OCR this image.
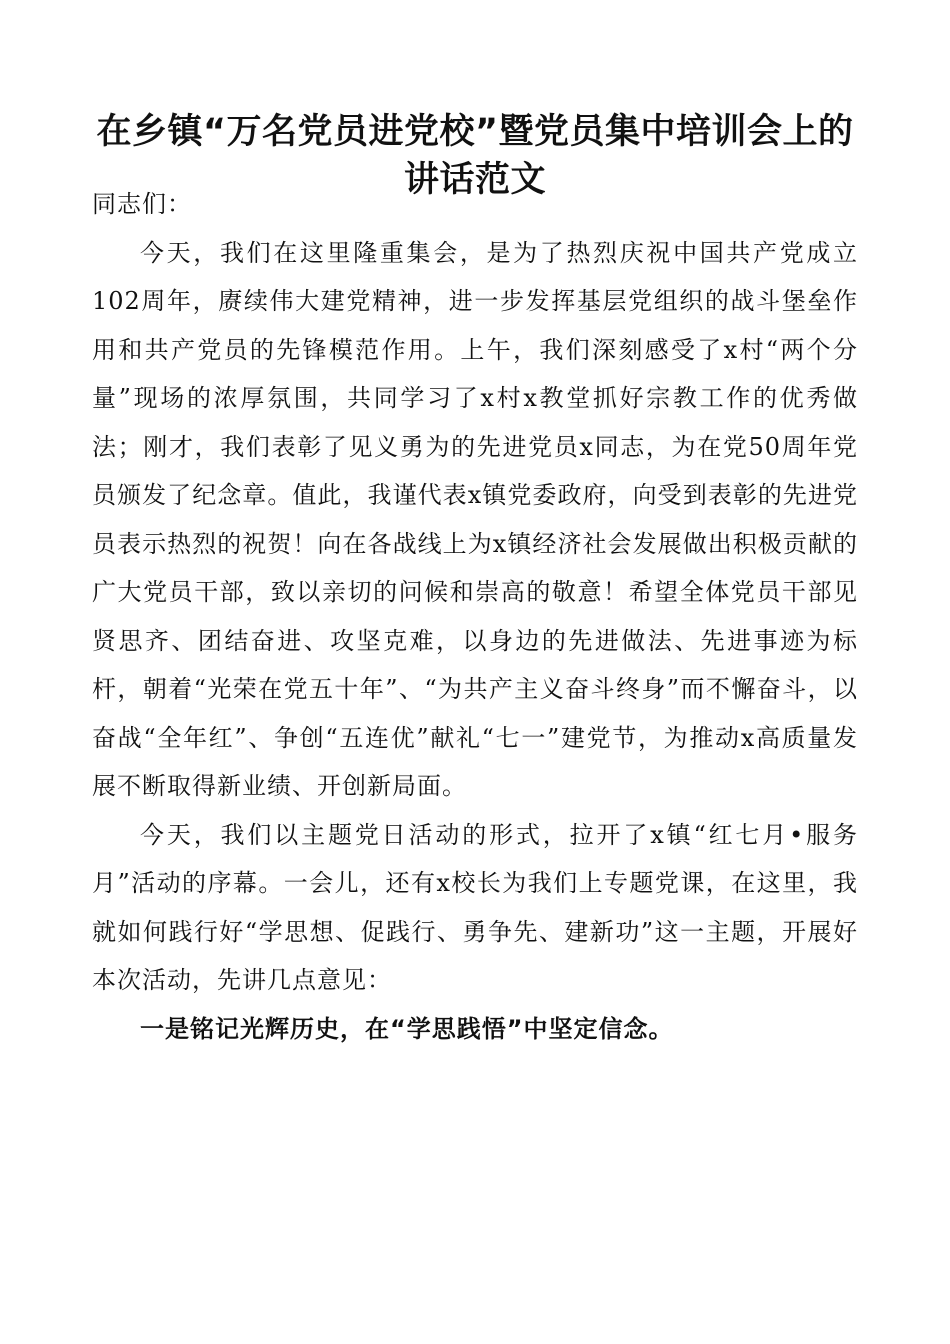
在乡镇“万名党员进党校”暨党员集中培训会上的讲话范文

同志们：

今天，我们在这里隆重集会，是为了热烈庆祝中国共产党成立102周年，赓续伟大建党精神，进一步发挥基层党组织的战斗堡垒作用和共产党员的先锋模范作用。上午，我们深刻感受了x村“两个分量”现场的浓厚氛围，共同学习了x村x教堂抓好宗教工作的优秀做法；刚才，我们表彰了见义勇为的先进党员x同志，为在党50周年党员颁发了纪念章。值此，我谨代表x镇党委政府，向受到表彰的先进党员表示热烈的祝贺！向在各战线上为x镇经济社会发展做出积极贡献的广大党员干部，致以亲切的问候和崇高的敬意！希望全体党员干部见贤思齐、团结奋进、攻坚克难，以身边的先进做法、先进事迹为标杆，朝着“光荣在党五十年”、“为共产主义奋斗终身”而不懈奋斗，以奋战“全年红”、争创“五连优”献礼“七一”建党节，为推动x高质量发展不断取得新业绩、开创新局面。

今天，我们以主题党日活动的形式，拉开了x镇“红七月•服务月”活动的序幕。一会儿，还有x校长为我们上专题党课，在这里，我就如何践行好“学思想、促践行、勇争先、建新功”这一主题，开展好本次活动，先讲几点意见：

一是铭记光辉历史，在“学思践悟”中坚定信念。
